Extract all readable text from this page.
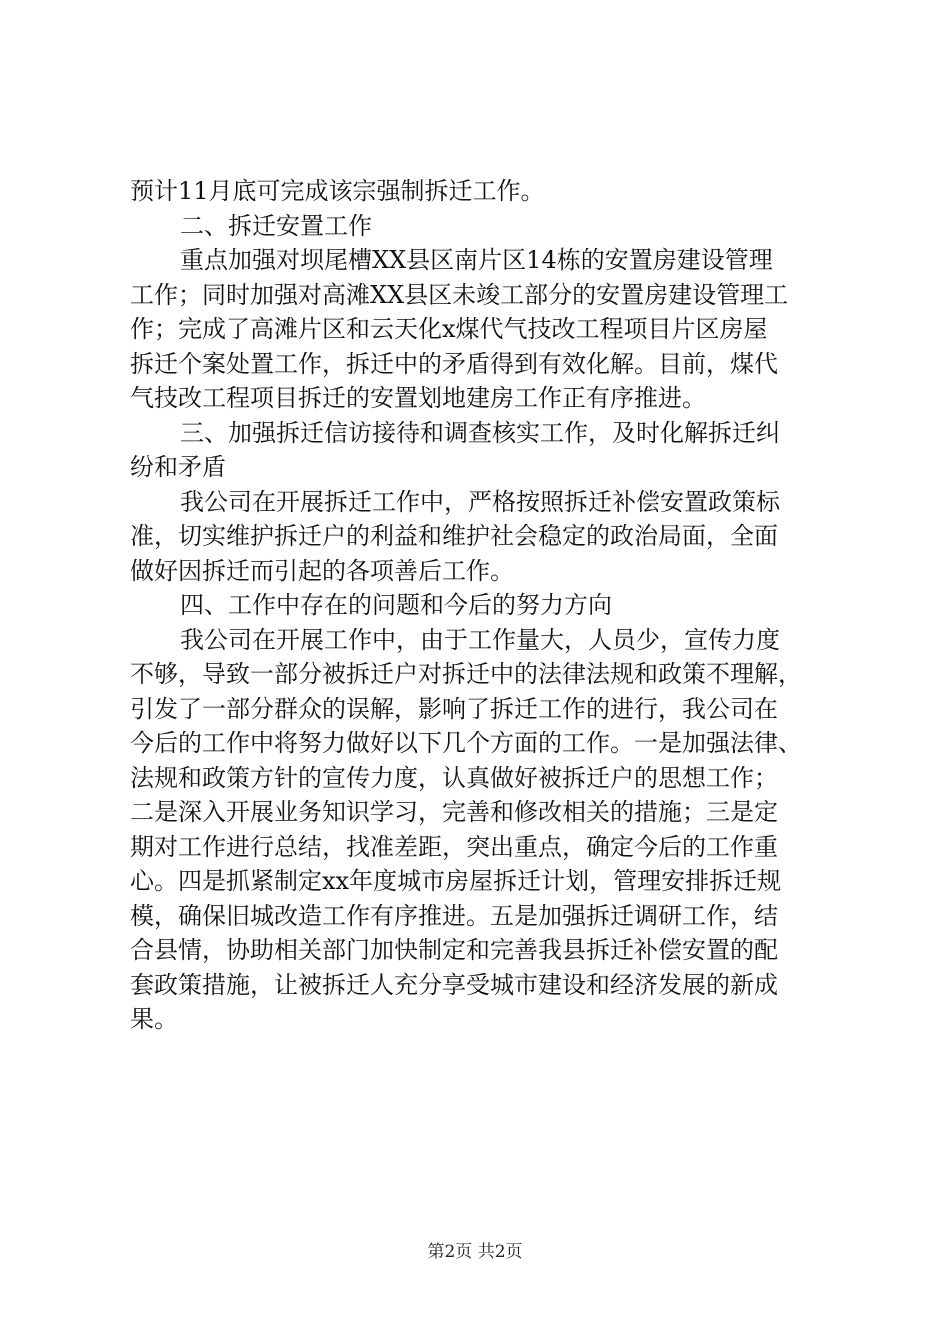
预计11月底可完成该宗强制拆迁工作。
二、拆迁安置工作
重点加强对坝尾槽XX县区南片区14栋的安置房建设管理
工作；同时加强对高滩XX县区未竣工部分的安置房建设管理工
作；完成了高滩片区和云天化x煤代气技改工程项目片区房屋
拆迁个案处置工作，拆迁中的矛盾得到有效化解。目前，煤代
气技改工程项目拆迁的安置划地建房工作正有序推进。
三、加强拆迁信访接待和调查核实工作，及时化解拆迁纠
纷和矛盾
我公司在开展拆迁工作中，严格按照拆迁补偿安置政策标
准，切实维护拆迁户的利益和维护社会稳定的政治局面，全面
做好因拆迁而引起的各项善后工作。
四、工作中存在的问题和今后的努力方向
我公司在开展工作中，由于工作量大，人员少，宣传力度
不够，导致一部分被拆迁户对拆迁中的法律法规和政策不理解，
引发了一部分群众的误解，影响了拆迁工作的进行，我公司在
今后的工作中将努力做好以下几个方面的工作。一是加强法律、
法规和政策方针的宣传力度，认真做好被拆迁户的思想工作；
二是深入开展业务知识学习，完善和修改相关的措施；三是定
期对工作进行总结，找准差距，突出重点，确定今后的工作重
心。四是抓紧制定xx年度城市房屋拆迁计划，管理安排拆迁规
模，确保旧城改造工作有序推进。五是加强拆迁调研工作，结
合县情，协助相关部门加快制定和完善我县拆迁补偿安置的配
套政策措施，让被拆迁人充分享受城市建设和经济发展的新成
果。
第2页 共2页
